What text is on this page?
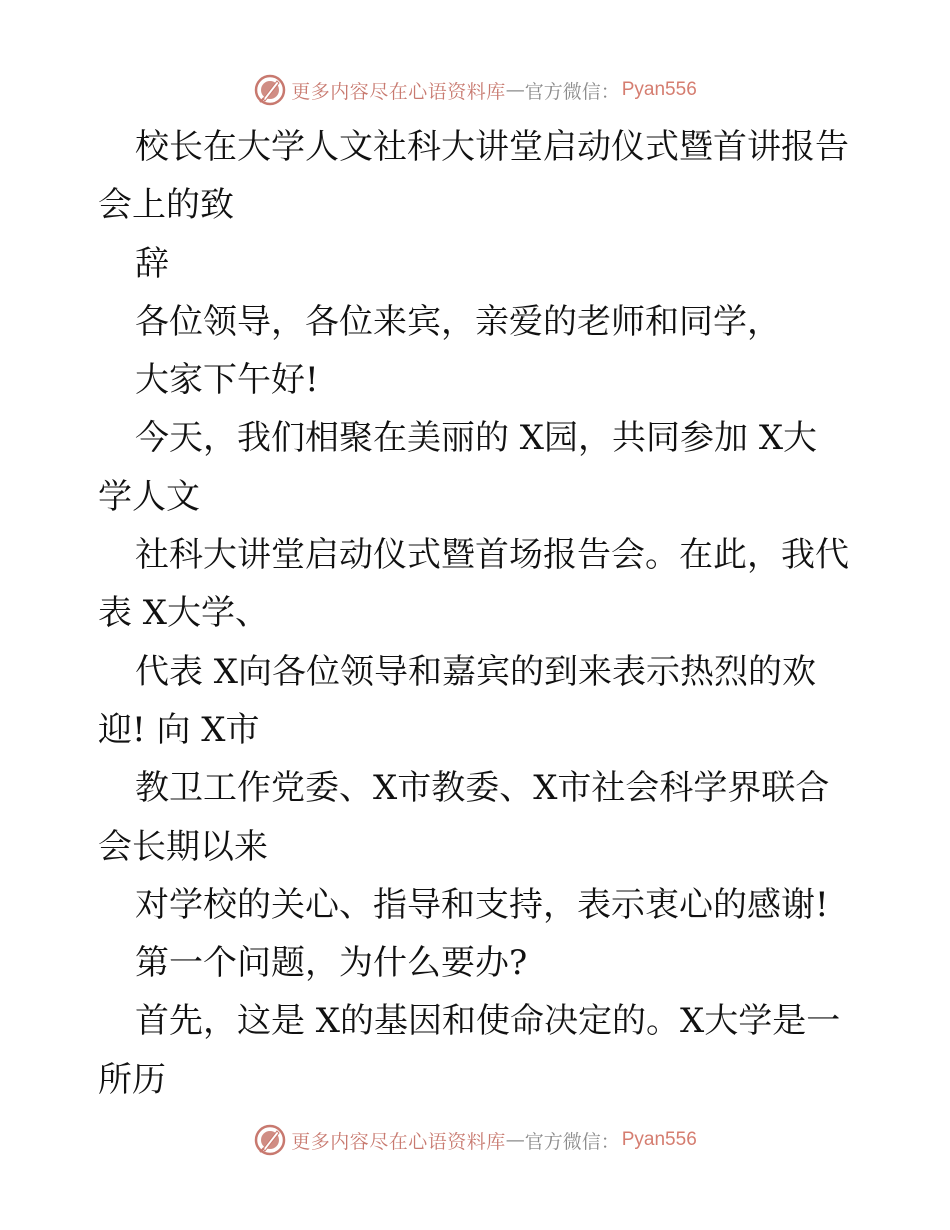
更多内容尽在心语资料库 — 官方微信： Pyan556
校长在大学人文社科大讲堂启动仪式暨首讲报告
会上的致
辞
各位领导，各位来宾，亲爱的老师和同学，
大家下午好!
今天，我们相聚在美丽的 X园，共同参加 X大
学人文
社科大讲堂启动仪式暨首场报告会。在此，我代
表 X大学、
代表 X向各位领导和嘉宾的到来表示热烈的欢
迎! 向 X市
教卫工作党委、X市教委、X市社会科学界联合
会长期以来
对学校的关心、指导和支持，表示衷心的感谢!
第一个问题，为什么要办?
首先，这是 X的基因和使命决定的。X大学是一
所历
更多内容尽在心语资料库 — 官方微信： Pyan556
